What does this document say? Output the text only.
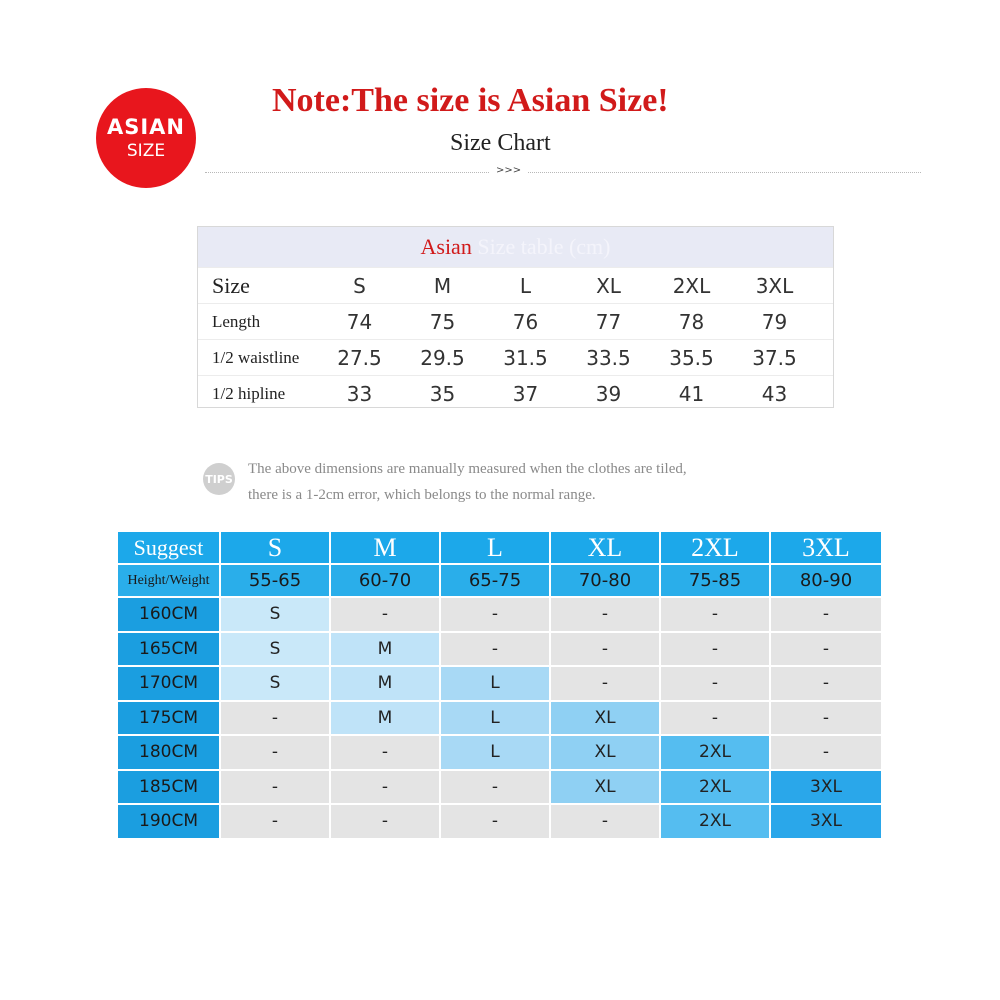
ASIAN
SIZE
Note:The size is Asian Size!
Size Chart
>>>
Asian Size table (cm)
Size	S	M	L	XL	2XL	3XL
Length	74	75	76	77	78	79
1/2 waistline	27.5	29.5	31.5	33.5	35.5	37.5
1/2 hipline	33	35	37	39	41	43
TIPS
The above dimensions are manually measured when the clothes are tiled,
there is a 1-2cm error, which belongs to the normal range.
Suggest	S	M	L	XL	2XL	3XL
Height/Weight	55-65	60-70	65-75	70-80	75-85	80-90
160CM	S	-	-	-	-	-
165CM	S	M	-	-	-	-
170CM	S	M	L	-	-	-
175CM	-	M	L	XL	-	-
180CM	-	-	L	XL	2XL	-
185CM	-	-	-	XL	2XL	3XL
190CM	-	-	-	-	2XL	3XL
